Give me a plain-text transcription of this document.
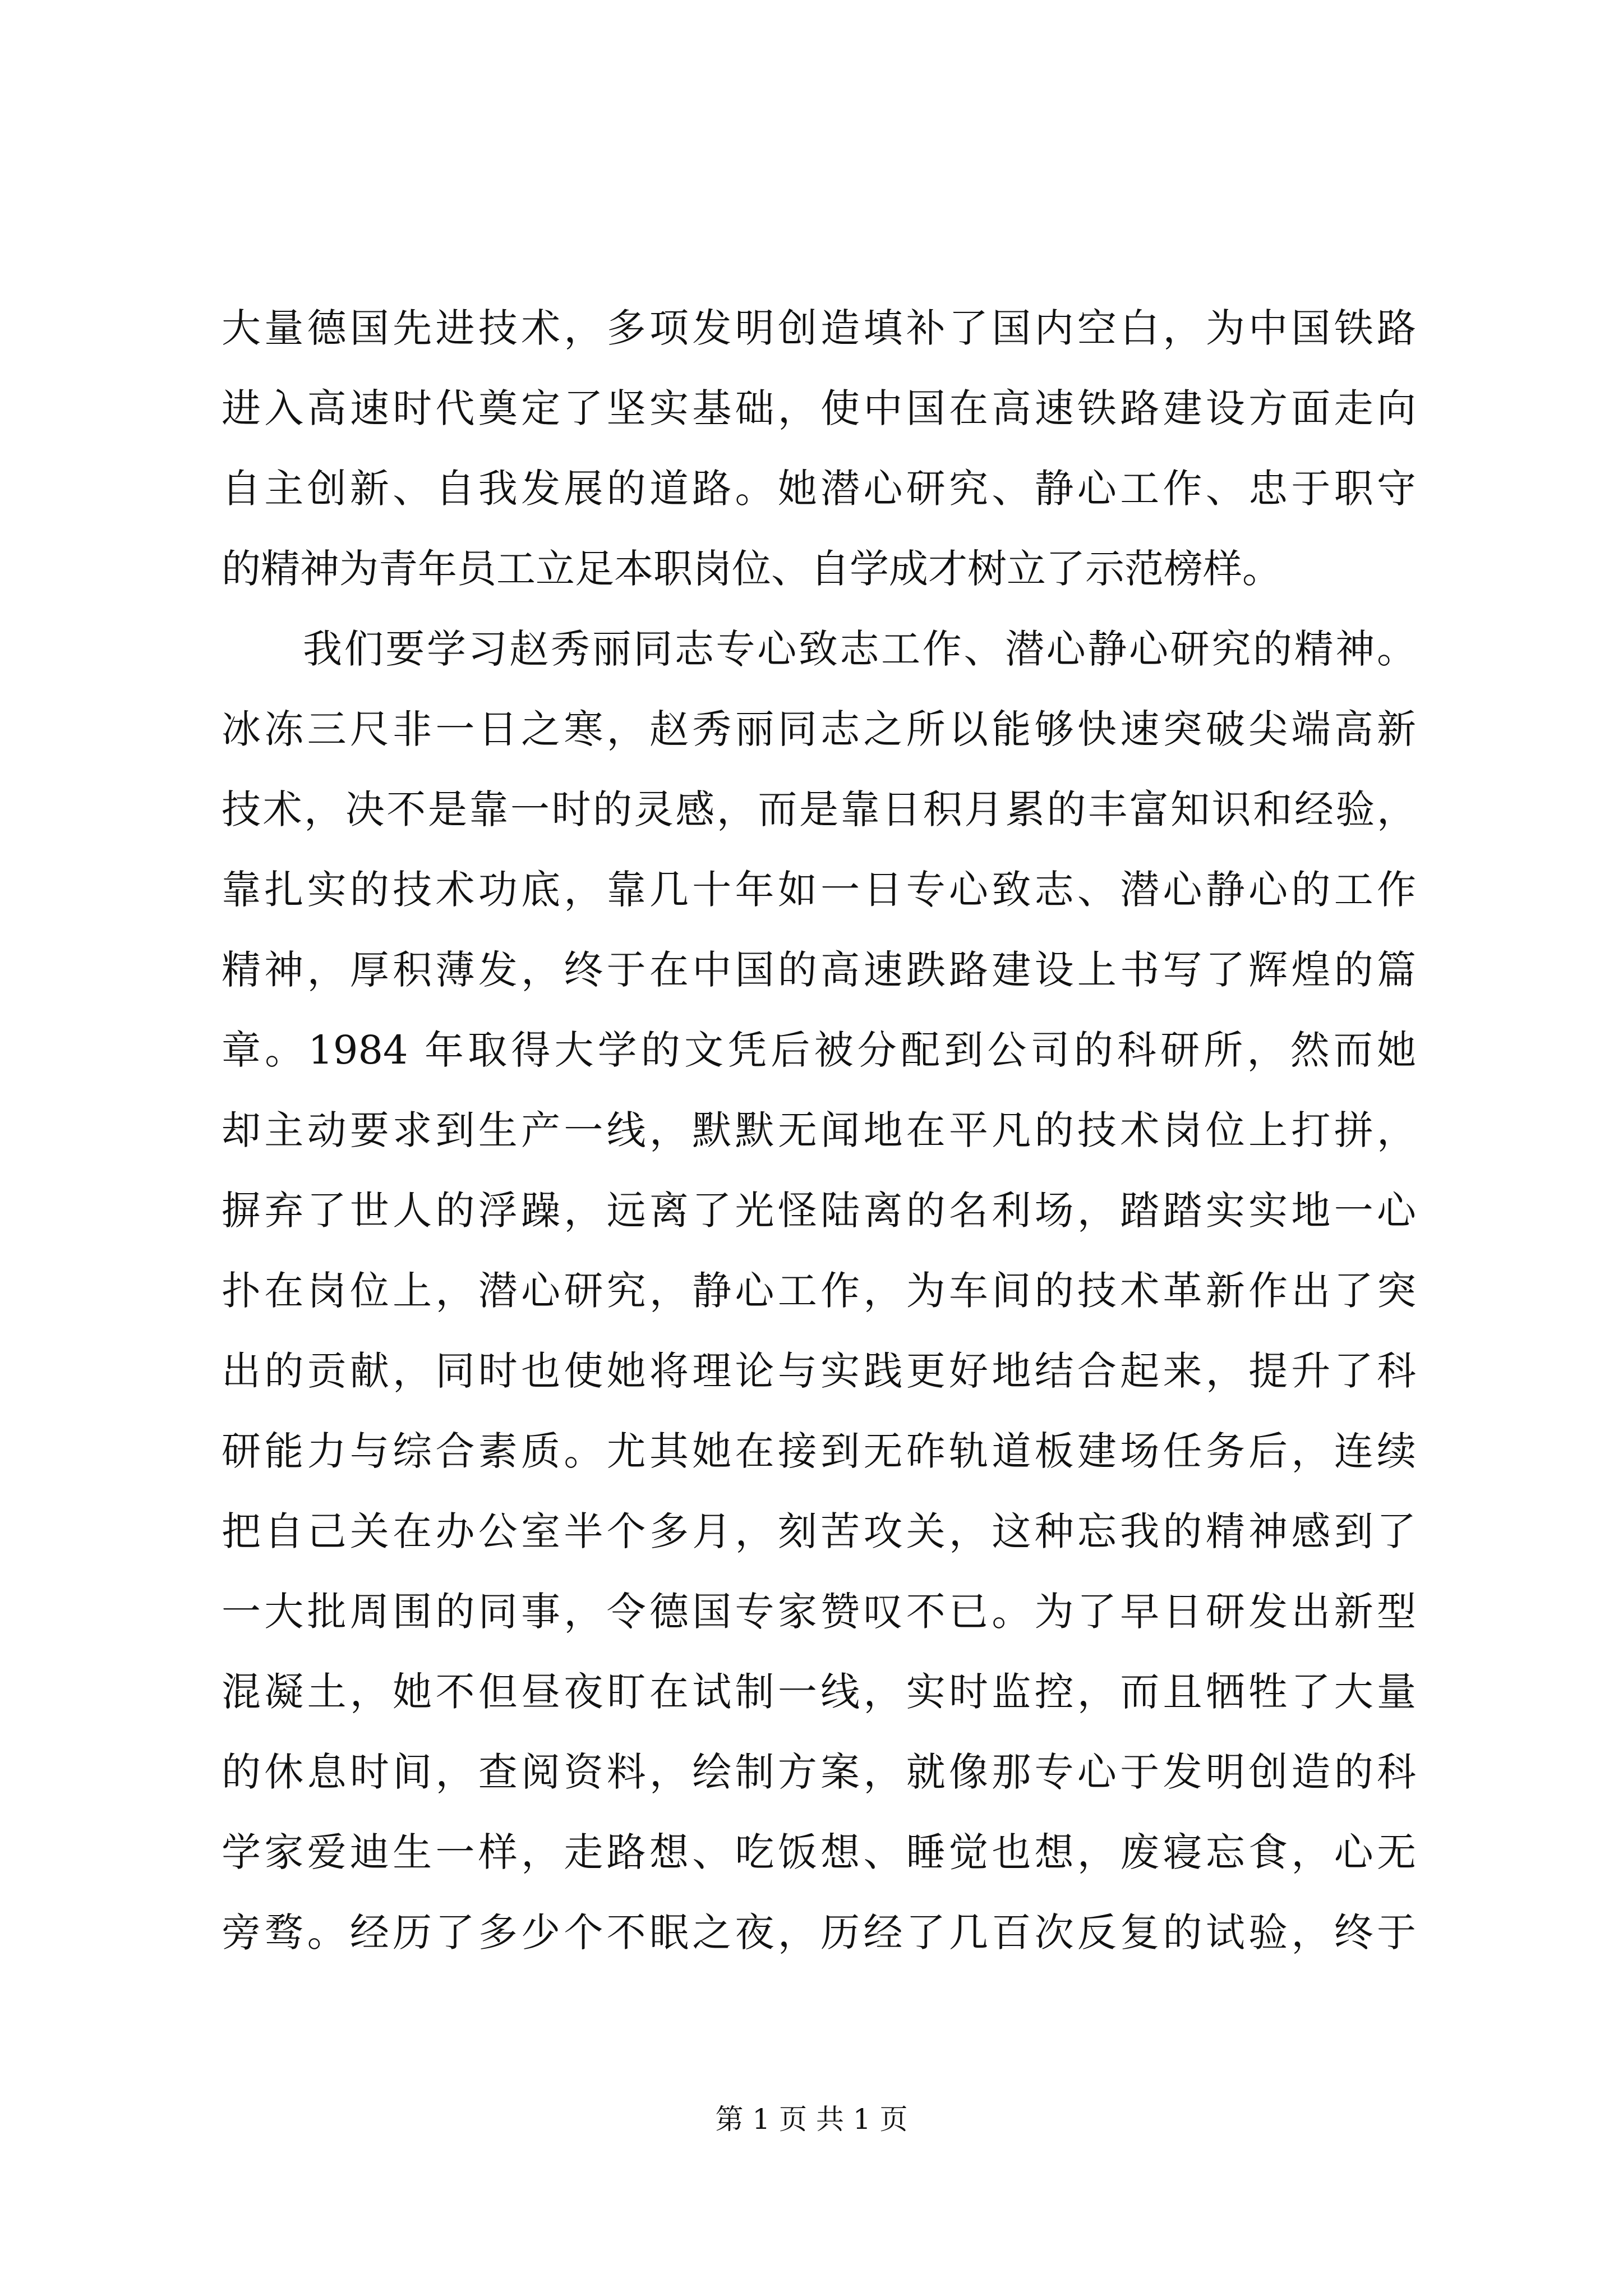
大量德国先进技术，多项发明创造填补了国内空白，为中国铁路
进入高速时代奠定了坚实基础，使中国在高速铁路建设方面走向
自主创新、自我发展的道路。她潜心研究、静心工作、忠于职守
的精神为青年员工立足本职岗位、自学成才树立了示范榜样。
我们要学习赵秀丽同志专心致志工作、潜心静心研究的精神。
冰冻三尺非一日之寒，赵秀丽同志之所以能够快速突破尖端高新
技术，决不是靠一时的灵感，而是靠日积月累的丰富知识和经验，
靠扎实的技术功底，靠几十年如一日专心致志、潜心静心的工作
精神，厚积薄发，终于在中国的高速跌路建设上书写了辉煌的篇
章。1984 年取得大学的文凭后被分配到公司的科研所，然而她
却主动要求到生产一线，默默无闻地在平凡的技术岗位上打拼，
摒弃了世人的浮躁，远离了光怪陆离的名利场，踏踏实实地一心
扑在岗位上，潜心研究，静心工作，为车间的技术革新作出了突
出的贡献，同时也使她将理论与实践更好地结合起来，提升了科
研能力与综合素质。尤其她在接到无砟轨道板建场任务后，连续
把自己关在办公室半个多月，刻苦攻关，这种忘我的精神感到了
一大批周围的同事，令德国专家赞叹不已。为了早日研发出新型
混凝土，她不但昼夜盯在试制一线，实时监控，而且牺牲了大量
的休息时间，查阅资料，绘制方案，就像那专心于发明创造的科
学家爱迪生一样，走路想、吃饭想、睡觉也想，废寝忘食，心无
旁骛。经历了多少个不眠之夜，历经了几百次反复的试验，终于
第 1 页 共 1 页
